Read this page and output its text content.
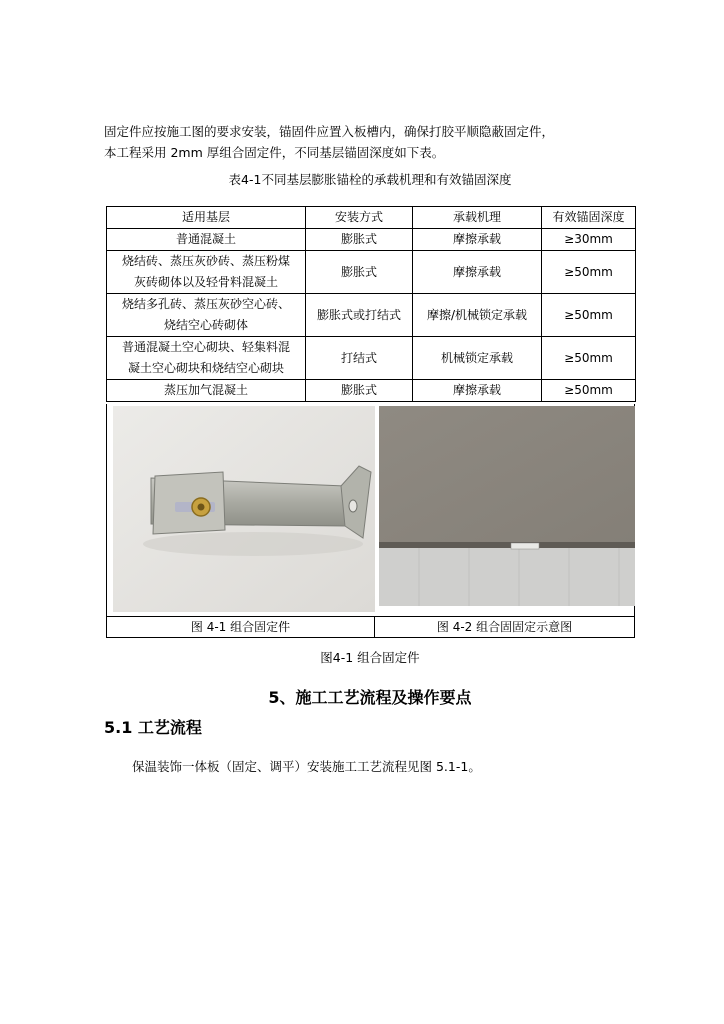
固定件应按施工图的要求安装，锚固件应置入板槽内，确保打胶平顺隐蔽固定件，
本工程采用 2mm 厚组合固定件，不同基层锚固深度如下表。
表4-1不同基层膨胀锚栓的承载机理和有效锚固深度
适用基层	安装方式	承载机理	有效锚固深度

普通混凝土	膨胀式	摩擦承载	≥30mm

烧结砖、蒸压灰砂砖、蒸压粉煤
灰砖砌体以及轻骨料混凝土	膨胀式	摩擦承载	≥50mm

烧结多孔砖、蒸压灰砂空心砖、
烧结空心砖砌体	膨胀式或打结式	摩擦/机械锁定承载	≥50mm

普通混凝土空心砌块、轻集料混
凝土空心砌块和烧结空心砌块	打结式	机械锁定承载	≥50mm

蒸压加气混凝土	膨胀式	摩擦承载	≥50mm
图 4-1 组合固定件	图 4-2 组合固固定示意图
图4-1 组合固定件
5、施工工艺流程及操作要点
5.1 工艺流程
保温装饰一体板（固定、调平）安装施工工艺流程见图 5.1-1。
